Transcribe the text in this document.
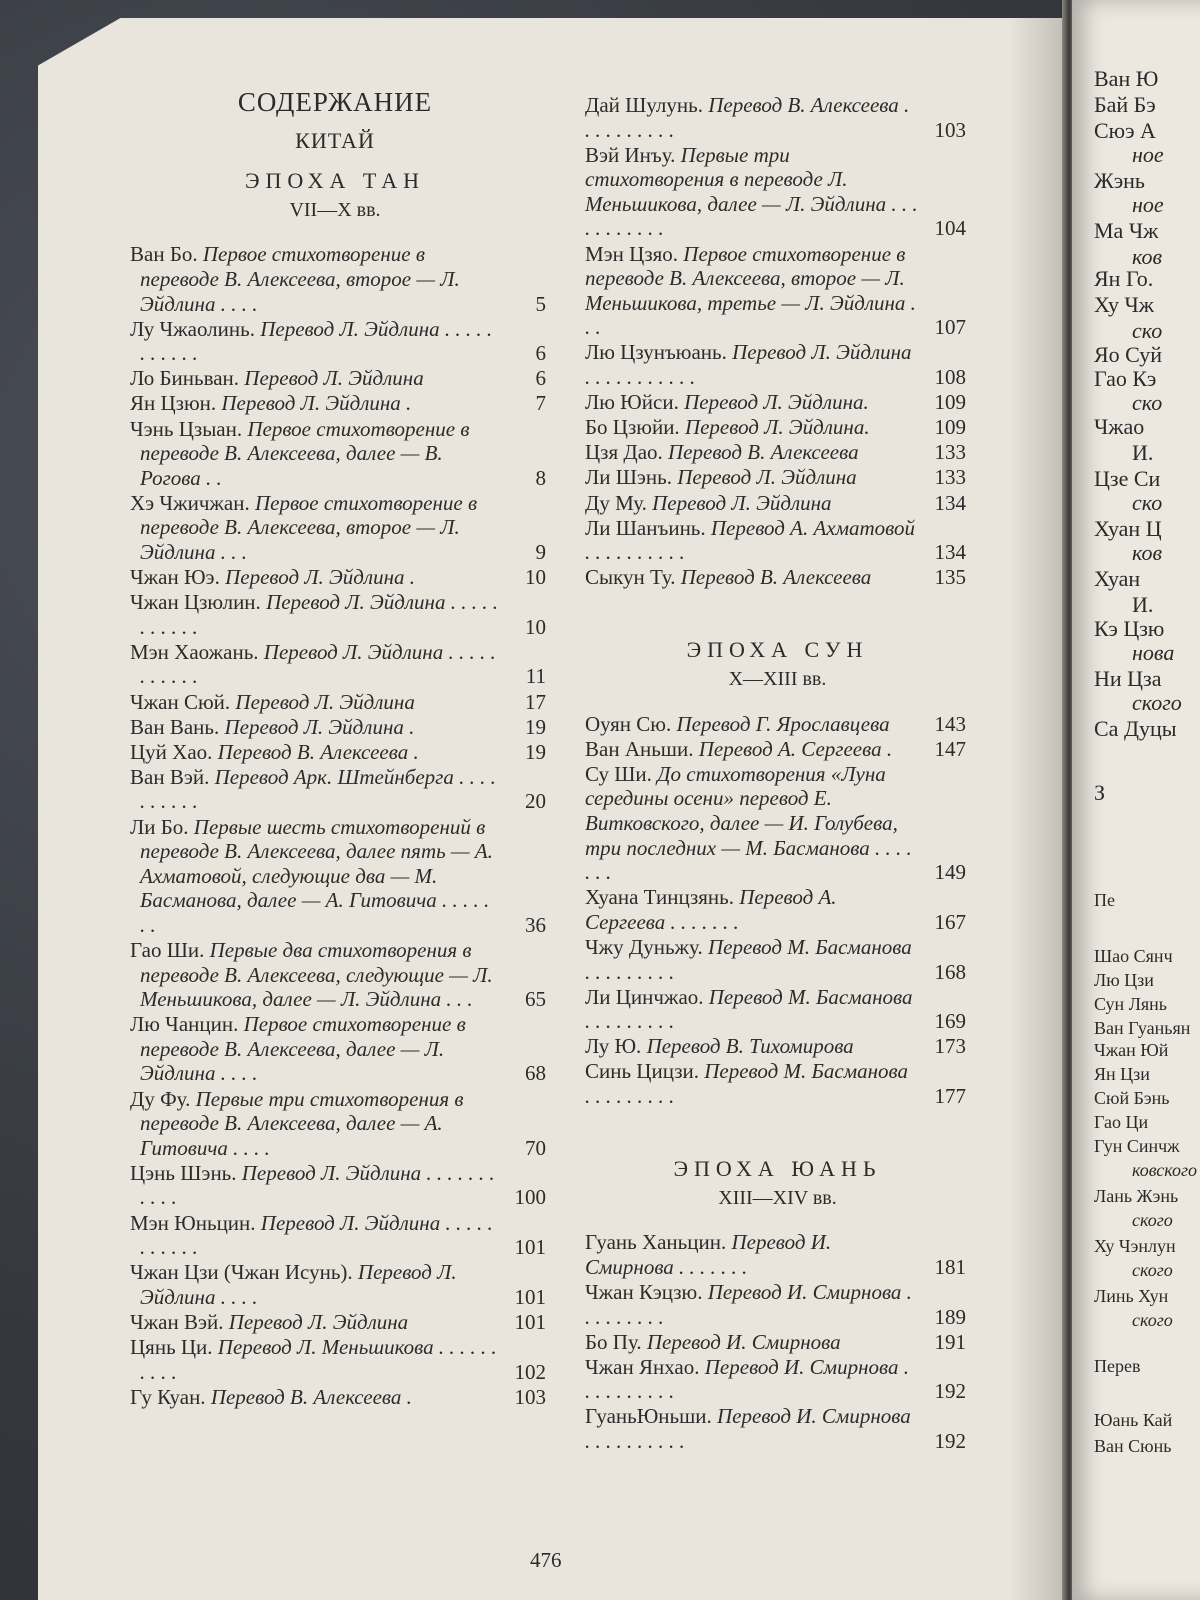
СОДЕРЖАНИЕ
КИТАЙ
ЭПОХА ТАН
VII—X вв.
Ван Бо. Первое стихотворение в переводе В. Алексеева, второе — Л. Эйдлина . . . .	5
Лу Чжаолинь. Перевод Л. Эйдлина . . . . . . . . . . .	6
Ло Биньван. Перевод Л. Эйдлина	6
Ян Цзюн. Перевод Л. Эйдлина .	7
Чэнь Цзыан. Первое стихотворение в переводе В. Алексеева, далее — В. Рогова . .	8
Хэ Чжичжан. Первое стихотворение в переводе В. Алексеева, второе — Л. Эйдлина . . .	9
Чжан Юэ. Перевод Л. Эйдлина .	10
Чжан Цзюлин. Перевод Л. Эйдлина . . . . . . . . . . .	10
Мэн Хаожань. Перевод Л. Эйдлина . . . . . . . . . . .	11
Чжан Сюй. Перевод Л. Эйдлина	17
Ван Вань. Перевод Л. Эйдлина .	19
Цуй Хао. Перевод В. Алексеева .	19
Ван Вэй. Перевод Арк. Штейнберга . . . . . . . . . .	20
Ли Бо. Первые шесть стихотворений в переводе В. Алексеева, далее пять — А. Ахматовой, следующие два — М. Басманова, далее — А. Гитовича . . . . . . .	36
Гао Ши. Первые два стихотворения в переводе В. Алексеева, следующие — Л. Меньшикова, далее — Л. Эйдлина . . .	65
Лю Чанцин. Первое стихотворение в переводе В. Алексеева, далее — Л. Эйдлина . . . .	68
Ду Фу. Первые три стихотворения в переводе В. Алексеева, далее — А. Гитовича . . . .	70
Цэнь Шэнь. Перевод Л. Эйдлина . . . . . . . . . . .	100
Мэн Юньцин. Перевод Л. Эйдлина . . . . . . . . . . .	101
Чжан Цзи (Чжан Исунь). Перевод Л. Эйдлина . . . .	101
Чжан Вэй. Перевод Л. Эйдлина	101
Цянь Ци. Перевод Л. Меньшикова . . . . . . . . . .	102
Гу Куан. Перевод В. Алексеева .	103
Дай Шулунь. Перевод В. Алексеева . . . . . . . . . .	103
Вэй Инъу. Первые три стихотворения в переводе Л. Меньшикова, далее — Л. Эйдлина . . . . . . . . . . .	104
Мэн Цзяо. Первое стихотворение в переводе В. Алексеева, второе — Л. Меньшикова, третье — Л. Эйдлина . . .	107
Лю Цзунъюань. Перевод Л. Эйдлина . . . . . . . . . . .	108
Лю Юйси. Перевод Л. Эйдлина.	109
Бо Цзюйи. Перевод Л. Эйдлина.	109
Цзя Дао. Перевод В. Алексеева	133
Ли Шэнь. Перевод Л. Эйдлина	133
Ду Му. Перевод Л. Эйдлина	134
Ли Шанъинь. Перевод А. Ахматовой . . . . . . . . . .	134
Сыкун Ту. Перевод В. Алексеева	135
ЭПОХА СУН
X—XIII вв.
Оуян Сю. Перевод Г. Ярославцева	143
Ван Аньши. Перевод А. Сергеева .	147
Су Ши. До стихотворения «Луна середины осени» перевод Е. Витковского, далее — И. Голубева, три последних — М. Басманова . . . . . . .	149
Хуана Тинцзянь. Перевод А. Сергеева . . . . . . .	167
Чжу Дуньжу. Перевод М. Басманова . . . . . . . . .	168
Ли Цинчжао. Перевод М. Басманова . . . . . . . . .	169
Лу Ю. Перевод В. Тихомирова	173
Синь Цицзи. Перевод М. Басманова . . . . . . . . .	177
ЭПОХА ЮАНЬ
XIII—XIV вв.
Гуань Ханьцин. Перевод И. Смирнова . . . . . . .	181
Чжан Кэцзю. Перевод И. Смирнова . . . . . . . . .	189
Бо Пу. Перевод И. Смирнова	191
Чжан Янхао. Перевод И. Смирнова . . . . . . . . . .	192
ГуаньЮньши. Перевод И. Смирнова . . . . . . . . . .	192
476
Ван Ю
Бай Бэ
Сюэ А
ное
Жэнь
ное
Ма Чж
ков
Ян Го.
Ху Чж
ско
Яо Суй
Гао Кэ
ско
Чжао
И.
Цзе Си
ско
Хуан Ц
ков
Хуан
И.
Кэ Цзю
нова
Ни Цза
ского
Са Дуцы
З
Пе
Шао Сянч
Лю Цзи
Сун Лянь
Ван Гуаньян
Чжан Юй
Ян Цзи
Сюй Бэнь
Гао Ци
Гун Синчж
ковского
Лань Жэнь
ского
Ху Чэнлун
ского
Линь Хун
ского
Перев
Юань Кай
Ван Сюнь
